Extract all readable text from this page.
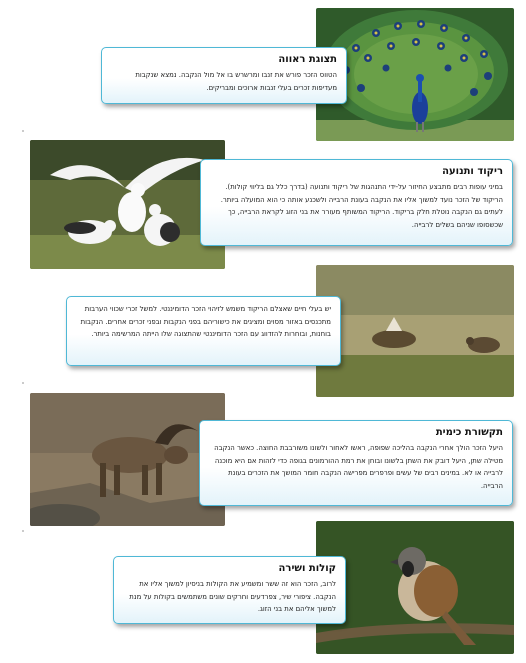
תצוגת ראווה

הטווס הזכר פורש את זנבו ומרשרש בו אל מול הנקבה. נמצא שנקבות מעדיפות זכרים בעלי זנבות ארוכים ומבריקים.

ריקוד ותנועה

במיני עופות רבים מתבצע החיזור על-ידי התנהגות של ריקוד ותנועה (בדרך כלל גם בליווי קולות). הריקוד של הזכר נועד למשוך אליו את הנקבה בעונת הרבייה ולשכנע אותה כי הוא המועלה ביותר. לעתים גם הנקבה נוטלת חלק בריקוד. הריקוד המשותף מעורר את בני הזוג לקראת הרבייה, כך שכשסופו שניהם בשלים לרבייה.

יש בעלי חיים שאצלם הריקוד משמש לזיהוי הזכר הדומיננטי. למשל זכרי שכווי הערבות מתכנסים באזור מסוים ומציגים את כישוריהם בפני הנקבות ובפני זכרים אחרים. הנקבות בוחנות, ובוחרות להזדווג עם הזכר הדומיננטי שהתצוגה שלו הייתה המרשימה ביותר.

תקשורת כימית

היעל הזכר הולך אחרי הנקבה בהליכה שפופה, ראשו לאחור ולשונו משורבבת החוצה. כאשר הנקבה מטילה שתן, היעל דובק את השתן בלשונו ובוחן את רמת ההורמונים בגופה כדי לזהות אם היא מוכנה לרבייה או לא. במינים רבים של עשים ופרפרים מפרישה הנקבה חומר המושך את הזכרים בעונת הרבייה.

קולות ושירה

לרוב, הזכר הוא זה ששר ומשמיע את הקולות בניסיון למשוך אליו את הנקבה. ציפורי שיר, צפרדעים וחרקים שונים משתמשים בקולות על מנת למשוך אליהם את בני הזוג.
